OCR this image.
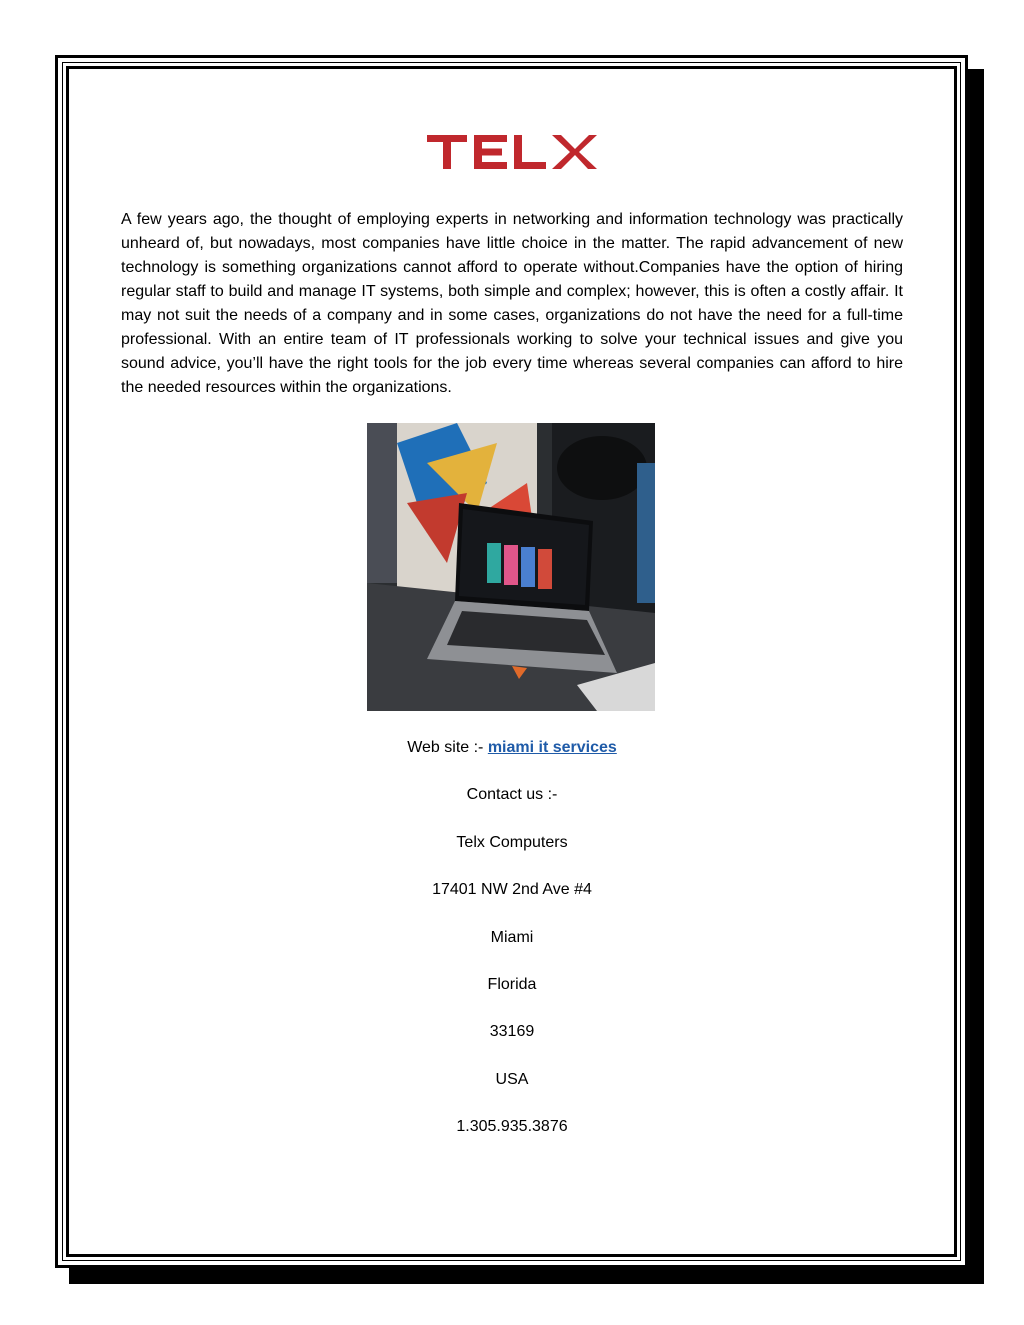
A few years ago, the thought of employing experts in networking and information technology was practically unheard of, but nowadays, most companies have little choice in the matter. The rapid advancement of new technology is something organizations cannot afford to operate without.Companies have the option of hiring regular staff to build and manage IT systems, both simple and complex; however, this is often a costly affair. It may not suit the needs of a company and in some cases, organizations do not have the need for a full-time professional. With an entire team of IT professionals working to solve your technical issues and give you sound advice, you’ll have the right tools for the job every time whereas several companies can afford to hire the needed resources within the organizations.

Web site :- miami it services

Contact us :-

Telx Computers

17401 NW 2nd Ave #4

Miami

Florida

33169

USA

1.305.935.3876
